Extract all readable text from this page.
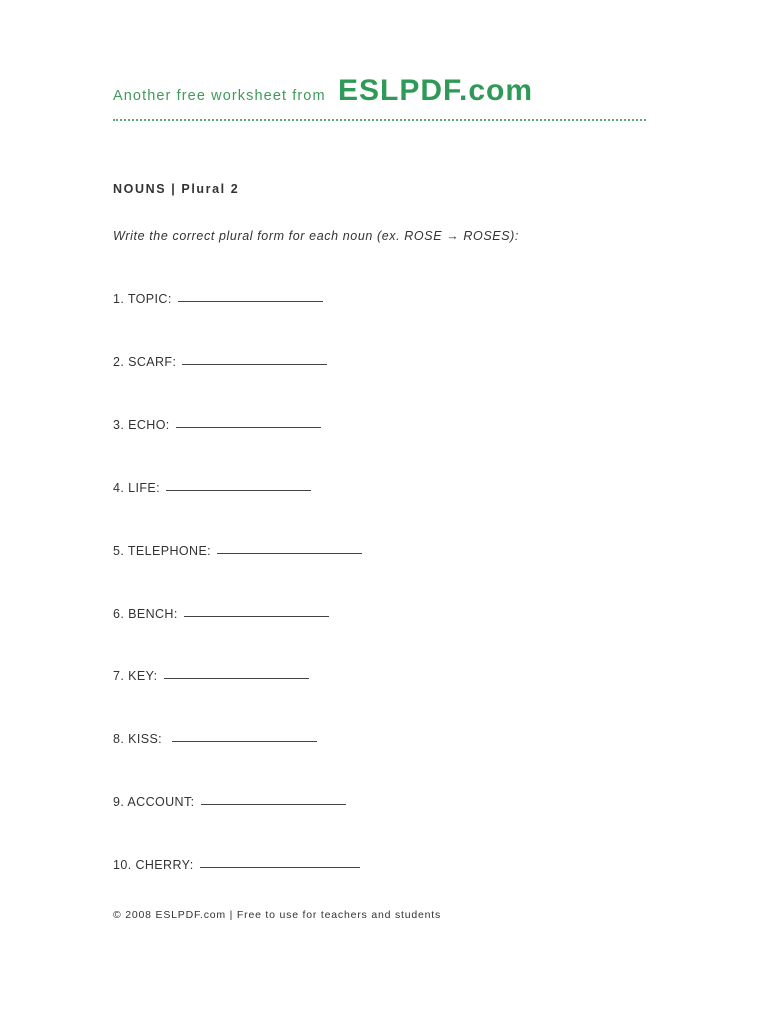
Another free worksheet from ESLPDF.com
NOUNS | Plural 2
Write the correct plural form for each noun (ex. ROSE → ROSES):
1. TOPIC:
2. SCARF:
3. ECHO:
4. LIFE:
5. TELEPHONE:
6. BENCH:
7. KEY:
8. KISS:
9. ACCOUNT:
10. CHERRY:
© 2008 ESLPDF.com | Free to use for teachers and students
